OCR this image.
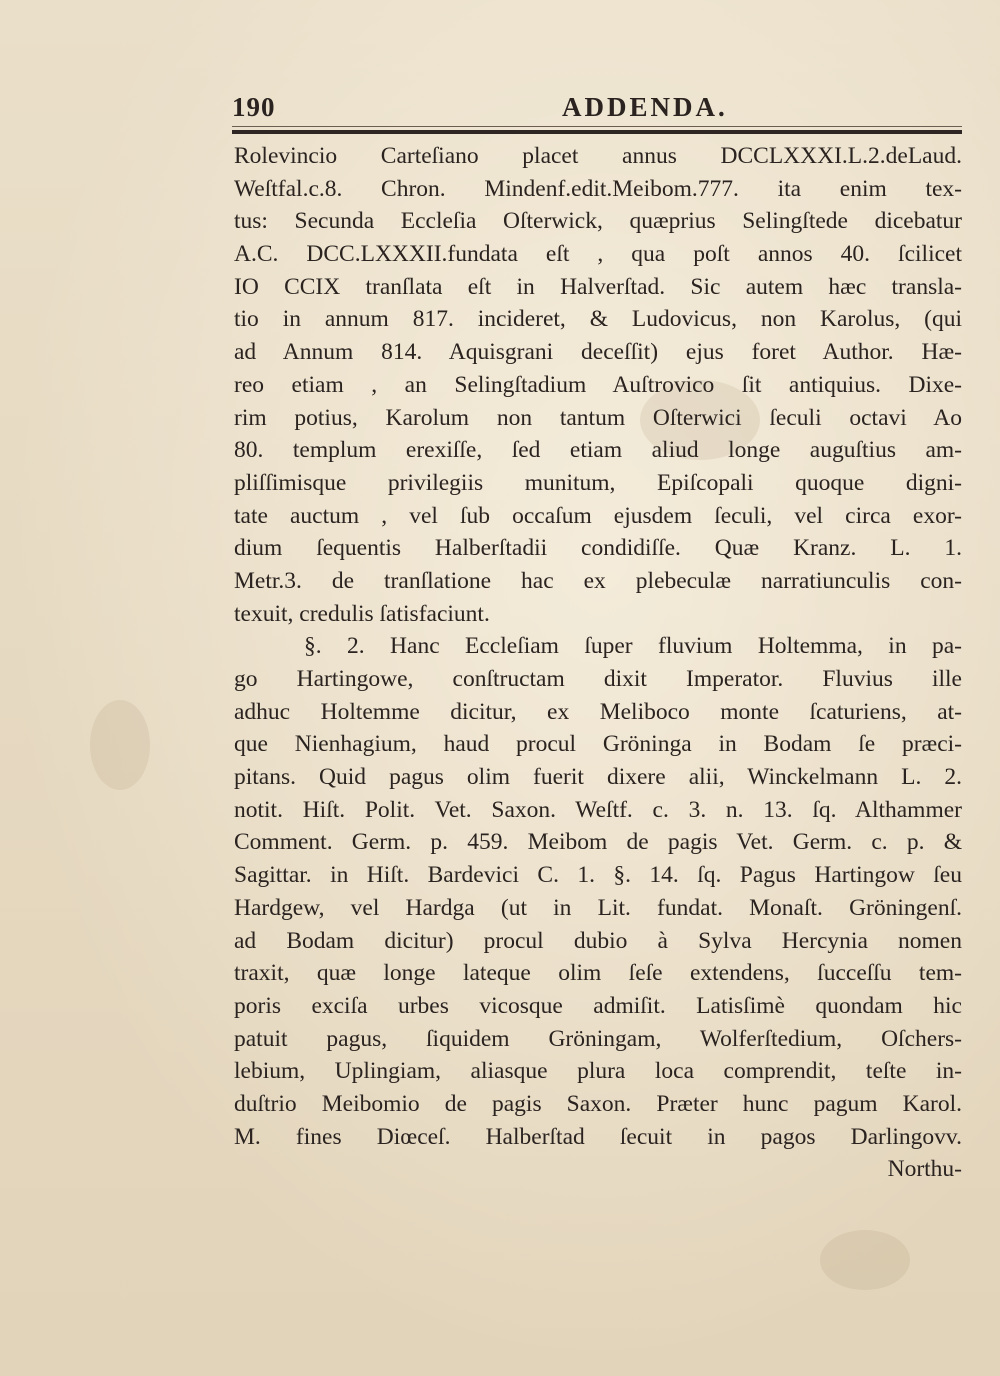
190	ADDENDA.
Rolevincio Carteſiano placet annus DCCLXXXI.L.2.deLaud.
Weſtfal.c.8. Chron. Mindenf.edit.Meibom.777. ita enim tex-
tus: Secunda Eccleſia Oſterwick, quæprius Selingſtede dicebatur
A.C. DCC.LXXXII.fundata eſt , qua poſt annos 40. ſcilicet
IO CCIX tranſlata eſt in Halverſtad. Sic autem hæc transla-
tio in annum 817. incideret, & Ludovicus, non Karolus, (qui
ad Annum 814. Aquisgrani deceſſit) ejus foret Author. Hæ-
reo etiam , an Selingſtadium Auſtrovico ſit antiquius. Dixe-
rim potius, Karolum non tantum Oſterwici ſeculi octavi Ao
80. templum erexiſſe, ſed etiam aliud longe auguſtius am-
pliſſimisque privilegiis munitum, Epiſcopali quoque digni-
tate auctum , vel ſub occaſum ejusdem ſeculi, vel circa exor-
dium ſequentis Halberſtadii condidiſſe. Quæ Kranz. L. 1.
Metr.3. de tranſlatione hac ex plebeculæ narratiunculis con-
texuit, credulis ſatisfaciunt.
§. 2. Hanc Eccleſiam ſuper fluvium Holtemma, in pa-
go Hartingowe, conſtructam dixit Imperator. Fluvius ille
adhuc Holtemme dicitur, ex Meliboco monte ſcaturiens, at-
que Nienhagium, haud procul Gröninga in Bodam ſe præci-
pitans. Quid pagus olim fuerit dixere alii, Winckelmann L. 2.
notit. Hiſt. Polit. Vet. Saxon. Weſtf. c. 3. n. 13. ſq. Althammer
Comment. Germ. p. 459. Meibom de pagis Vet. Germ. c. p. &
Sagittar. in Hiſt. Bardevici C. 1. §. 14. ſq. Pagus Hartingow ſeu
Hardgew, vel Hardga (ut in Lit. fundat. Monaſt. Gröningenſ.
ad Bodam dicitur) procul dubio à Sylva Hercynia nomen
traxit, quæ longe lateque olim ſeſe extendens, ſucceſſu tem-
poris exciſa urbes vicosque admiſit. Latisſimè quondam hic
patuit pagus, ſiquidem Gröningam, Wolferſtedium, Oſchers-
lebium, Uplingiam, aliasque plura loca comprendit, teſte in-
duſtrio Meibomio de pagis Saxon. Præter hunc pagum Karol.
M. fines Diœceſ. Halberſtad ſecuit in pagos Darlingovv.
Northu-
